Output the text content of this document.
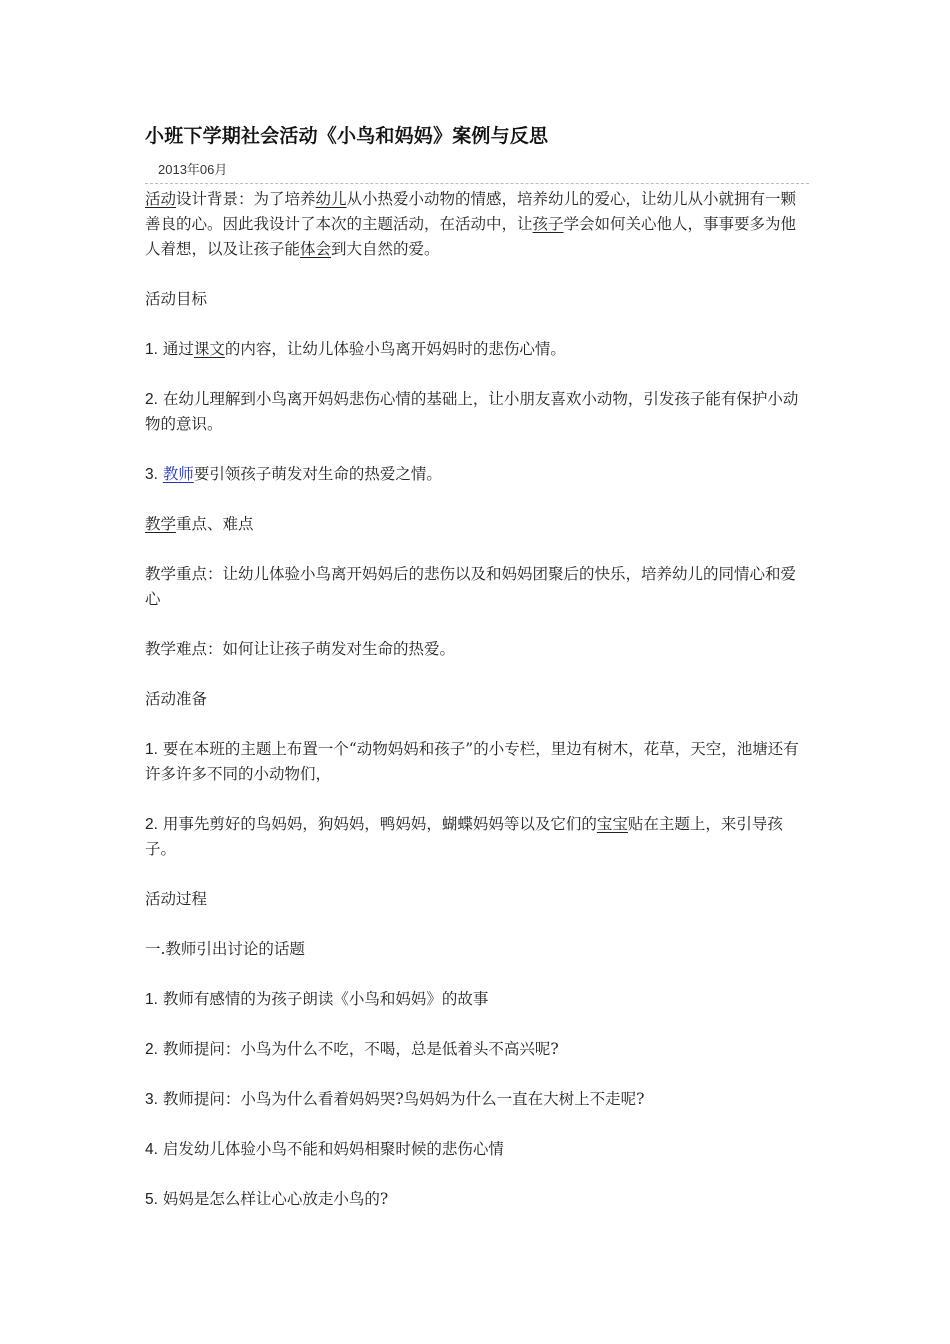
小班下学期社会活动《小鸟和妈妈》案例与反思
2013年06月

活动设计背景：为了培养幼儿从小热爱小动物的情感，培养幼儿的爱心，让幼儿从小就拥有一颗善良的心。因此我设计了本次的主题活动，在活动中，让孩子学会如何关心他人，事事要多为他人着想，以及让孩子能体会到大自然的爱。

活动目标

1. 通过课文的内容，让幼儿体验小鸟离开妈妈时的悲伤心情。

2. 在幼儿理解到小鸟离开妈妈悲伤心情的基础上，让小朋友喜欢小动物，引发孩子能有保护小动物的意识。

3. 教师要引领孩子萌发对生命的热爱之情。

教学重点、难点

教学重点：让幼儿体验小鸟离开妈妈后的悲伤以及和妈妈团聚后的快乐，培养幼儿的同情心和爱心

教学难点：如何让让孩子萌发对生命的热爱。

活动准备

1. 要在本班的主题上布置一个“动物妈妈和孩子”的小专栏，里边有树木，花草，天空，池塘还有许多许多不同的小动物们，

2. 用事先剪好的鸟妈妈，狗妈妈，鸭妈妈，蝴蝶妈妈等以及它们的宝宝贴在主题上，来引导孩子。

活动过程

一.教师引出讨论的话题

1. 教师有感情的为孩子朗读《小鸟和妈妈》的故事

2. 教师提问：小鸟为什么不吃，不喝，总是低着头不高兴呢?

3. 教师提问：小鸟为什么看着妈妈哭?鸟妈妈为什么一直在大树上不走呢?

4. 启发幼儿体验小鸟不能和妈妈相聚时候的悲伤心情

5. 妈妈是怎么样让心心放走小鸟的?
